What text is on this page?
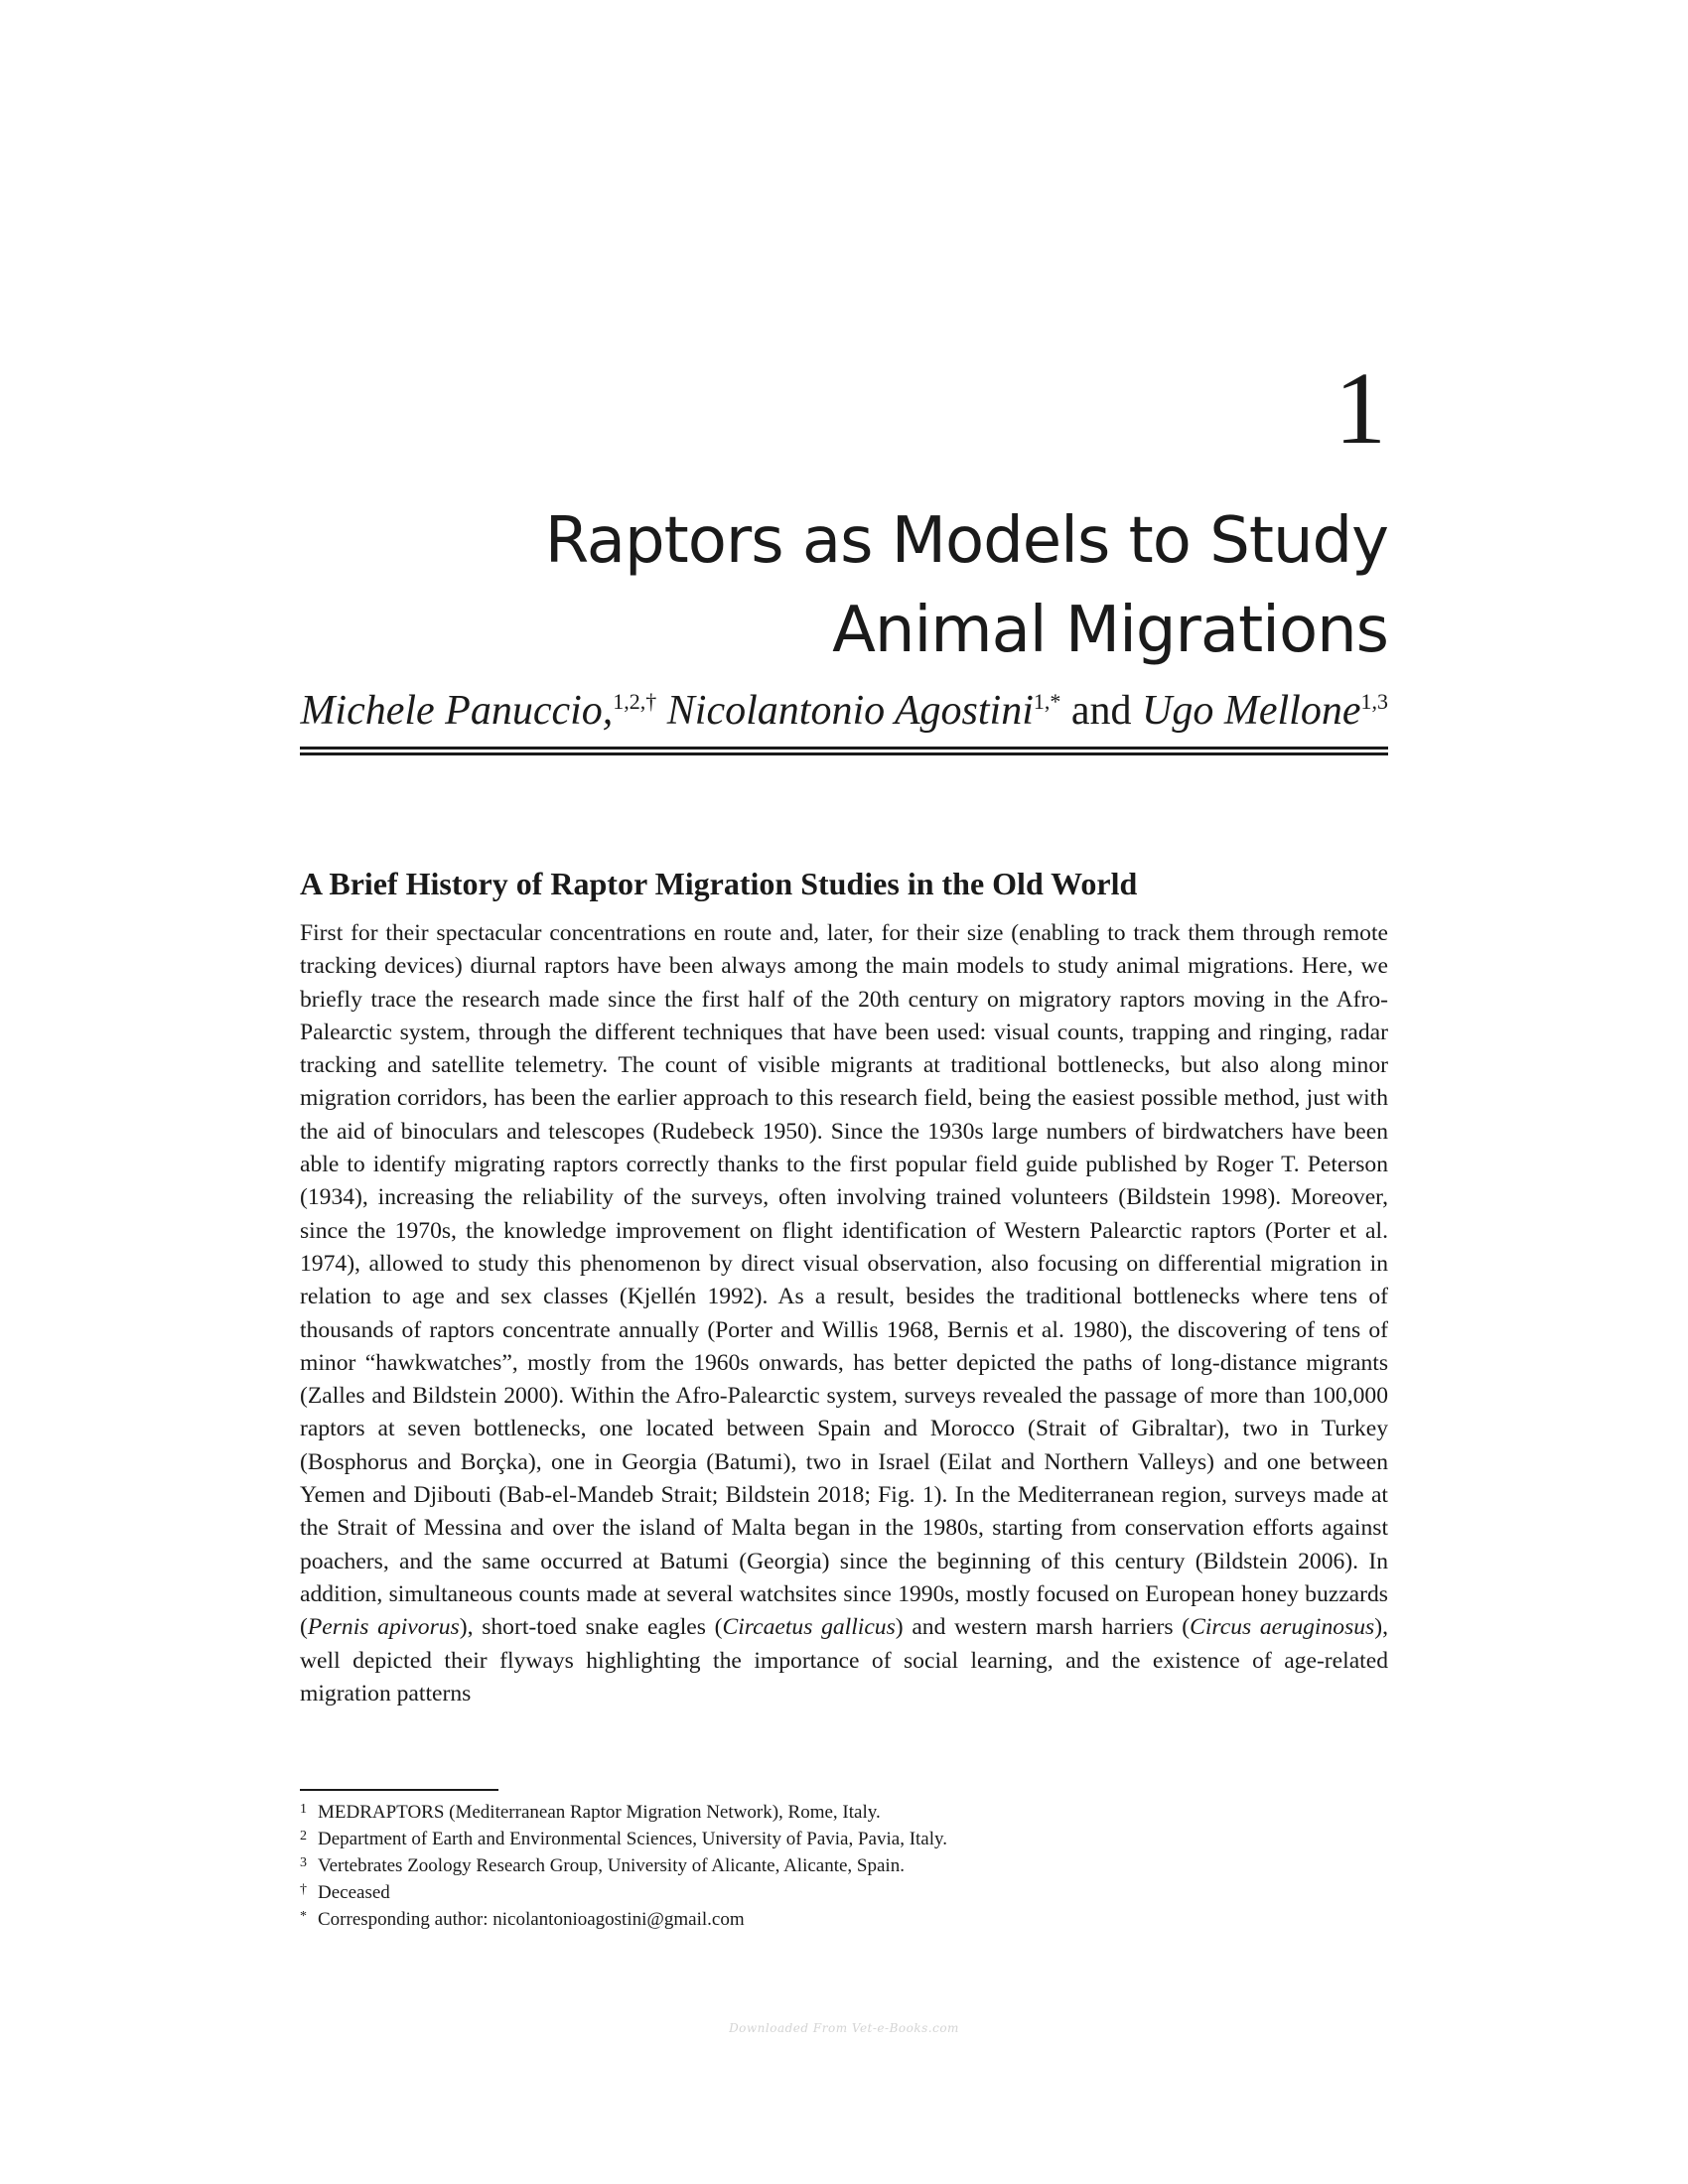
1
Raptors as Models to Study
Animal Migrations
Michele Panuccio,$^{1,2,\dagger}$ Nicolantonio Agostini$^{1,*}$ and Ugo Mellone$^{1,3}$
A Brief History of Raptor Migration Studies in the Old World
First for their spectacular concentrations en route and, later, for their size (enabling to track them through remote tracking devices) diurnal raptors have been always among the main models to study animal migrations. Here, we briefly trace the research made since the first half of the 20th century on migratory raptors moving in the Afro-Palearctic system, through the different techniques that have been used: visual counts, trapping and ringing, radar tracking and satellite telemetry. The count of visible migrants at traditional bottlenecks, but also along minor migration corridors, has been the earlier approach to this research field, being the easiest possible method, just with the aid of binoculars and telescopes (Rudebeck 1950). Since the 1930s large numbers of birdwatchers have been able to identify migrating raptors correctly thanks to the first popular field guide published by Roger T. Peterson (1934), increasing the reliability of the surveys, often involving trained volunteers (Bildstein 1998). Moreover, since the 1970s, the knowledge improvement on flight identification of Western Palearctic raptors (Porter et al. 1974), allowed to study this phenomenon by direct visual observation, also focusing on differential migration in relation to age and sex classes (Kjellén 1992). As a result, besides the traditional bottlenecks where tens of thousands of raptors concentrate annually (Porter and Willis 1968, Bernis et al. 1980), the discovering of tens of minor “hawkwatches”, mostly from the 1960s onwards, has better depicted the paths of long-distance migrants (Zalles and Bildstein 2000). Within the Afro-Palearctic system, surveys revealed the passage of more than 100,000 raptors at seven bottlenecks, one located between Spain and Morocco (Strait of Gibraltar), two in Turkey (Bosphorus and Borçka), one in Georgia (Batumi), two in Israel (Eilat and Northern Valleys) and one between Yemen and Djibouti (Bab-el-Mandeb Strait; Bildstein 2018; Fig. 1). In the Mediterranean region, surveys made at the Strait of Messina and over the island of Malta began in the 1980s, starting from conservation efforts against poachers, and the same occurred at Batumi (Georgia) since the beginning of this century (Bildstein 2006). In addition, simultaneous counts made at several watchsites since 1990s, mostly focused on European honey buzzards (Pernis apivorus), short-toed snake eagles (Circaetus gallicus) and western marsh harriers (Circus aeruginosus), well depicted their flyways highlighting the importance of social learning, and the existence of age-related migration patterns
1 MEDRAPTORS (Mediterranean Raptor Migration Network), Rome, Italy.
2 Department of Earth and Environmental Sciences, University of Pavia, Pavia, Italy.
3 Vertebrates Zoology Research Group, University of Alicante, Alicante, Spain.
† Deceased
* Corresponding author: nicolantonioagostini@gmail.com
Downloaded From Vet-e-Books.com
